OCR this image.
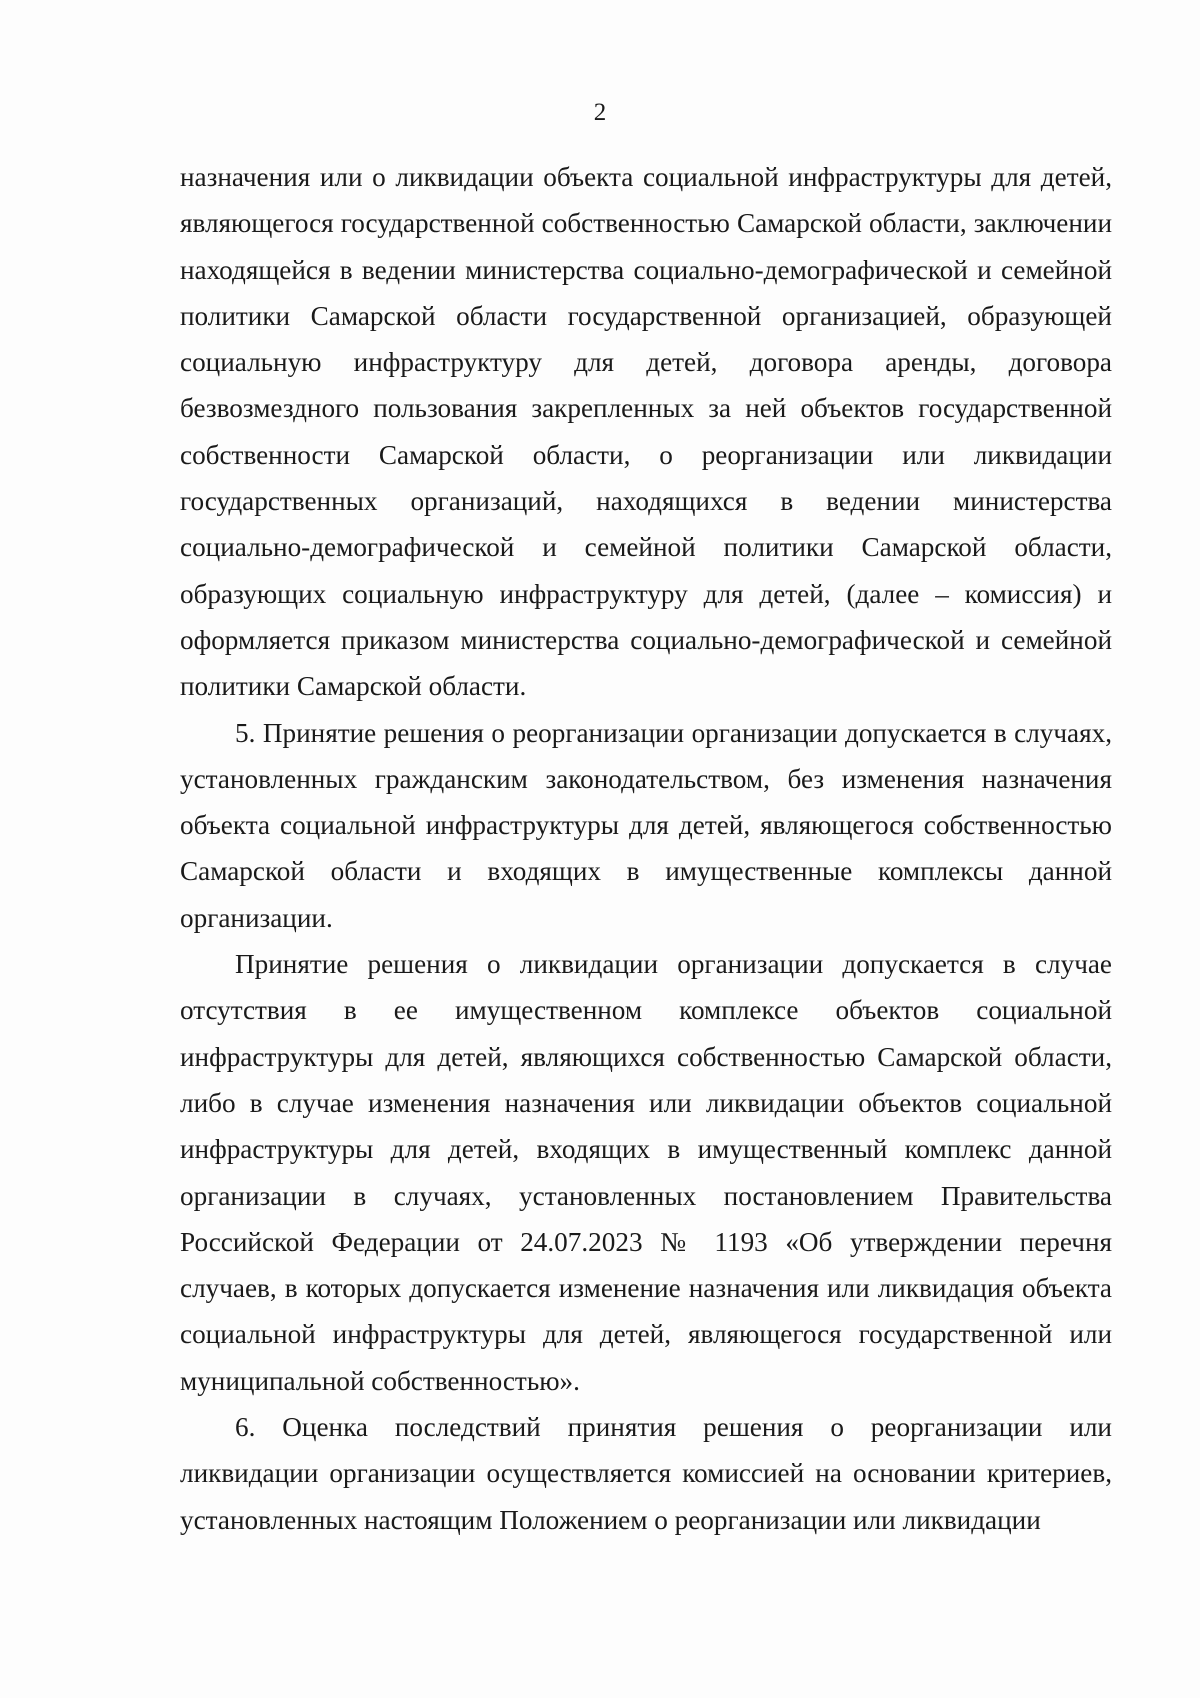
2

назначения или о ликвидации объекта социальной инфраструктуры для детей, являющегося государственной собственностью Самарской области, заключении находящейся в ведении министерства социально-демографической и семейной политики Самарской области государственной организацией, образующей социальную инфраструктуру для детей, договора аренды, договора безвозмездного пользования закрепленных за ней объектов государственной собственности Самарской области, о реорганизации или ликвидации государственных организаций, находящихся в ведении министерства социально-демографической и семейной политики Самарской области, образующих социальную инфраструктуру для детей, (далее – комиссия) и оформляется приказом министерства социально-демографической и семейной политики Самарской области.

5. Принятие решения о реорганизации организации допускается в случаях, установленных гражданским законодательством, без изменения назначения объекта социальной инфраструктуры для детей, являющегося собственностью Самарской области и входящих в имущественные комплексы данной организации.

Принятие решения о ликвидации организации допускается в случае отсутствия в ее имущественном комплексе объектов социальной инфраструктуры для детей, являющихся собственностью Самарской области, либо в случае изменения назначения или ликвидации объектов социальной инфраструктуры для детей, входящих в имущественный комплекс данной организации в случаях, установленных постановлением Правительства Российской Федерации от 24.07.2023 № 1193 «Об утверждении перечня случаев, в которых допускается изменение назначения или ликвидация объекта социальной инфраструктуры для детей, являющегося государственной или муниципальной собственностью».

6. Оценка последствий принятия решения о реорганизации или ликвидации организации осуществляется комиссией на основании критериев, установленных настоящим Положением о реорганизации или ликвидации
